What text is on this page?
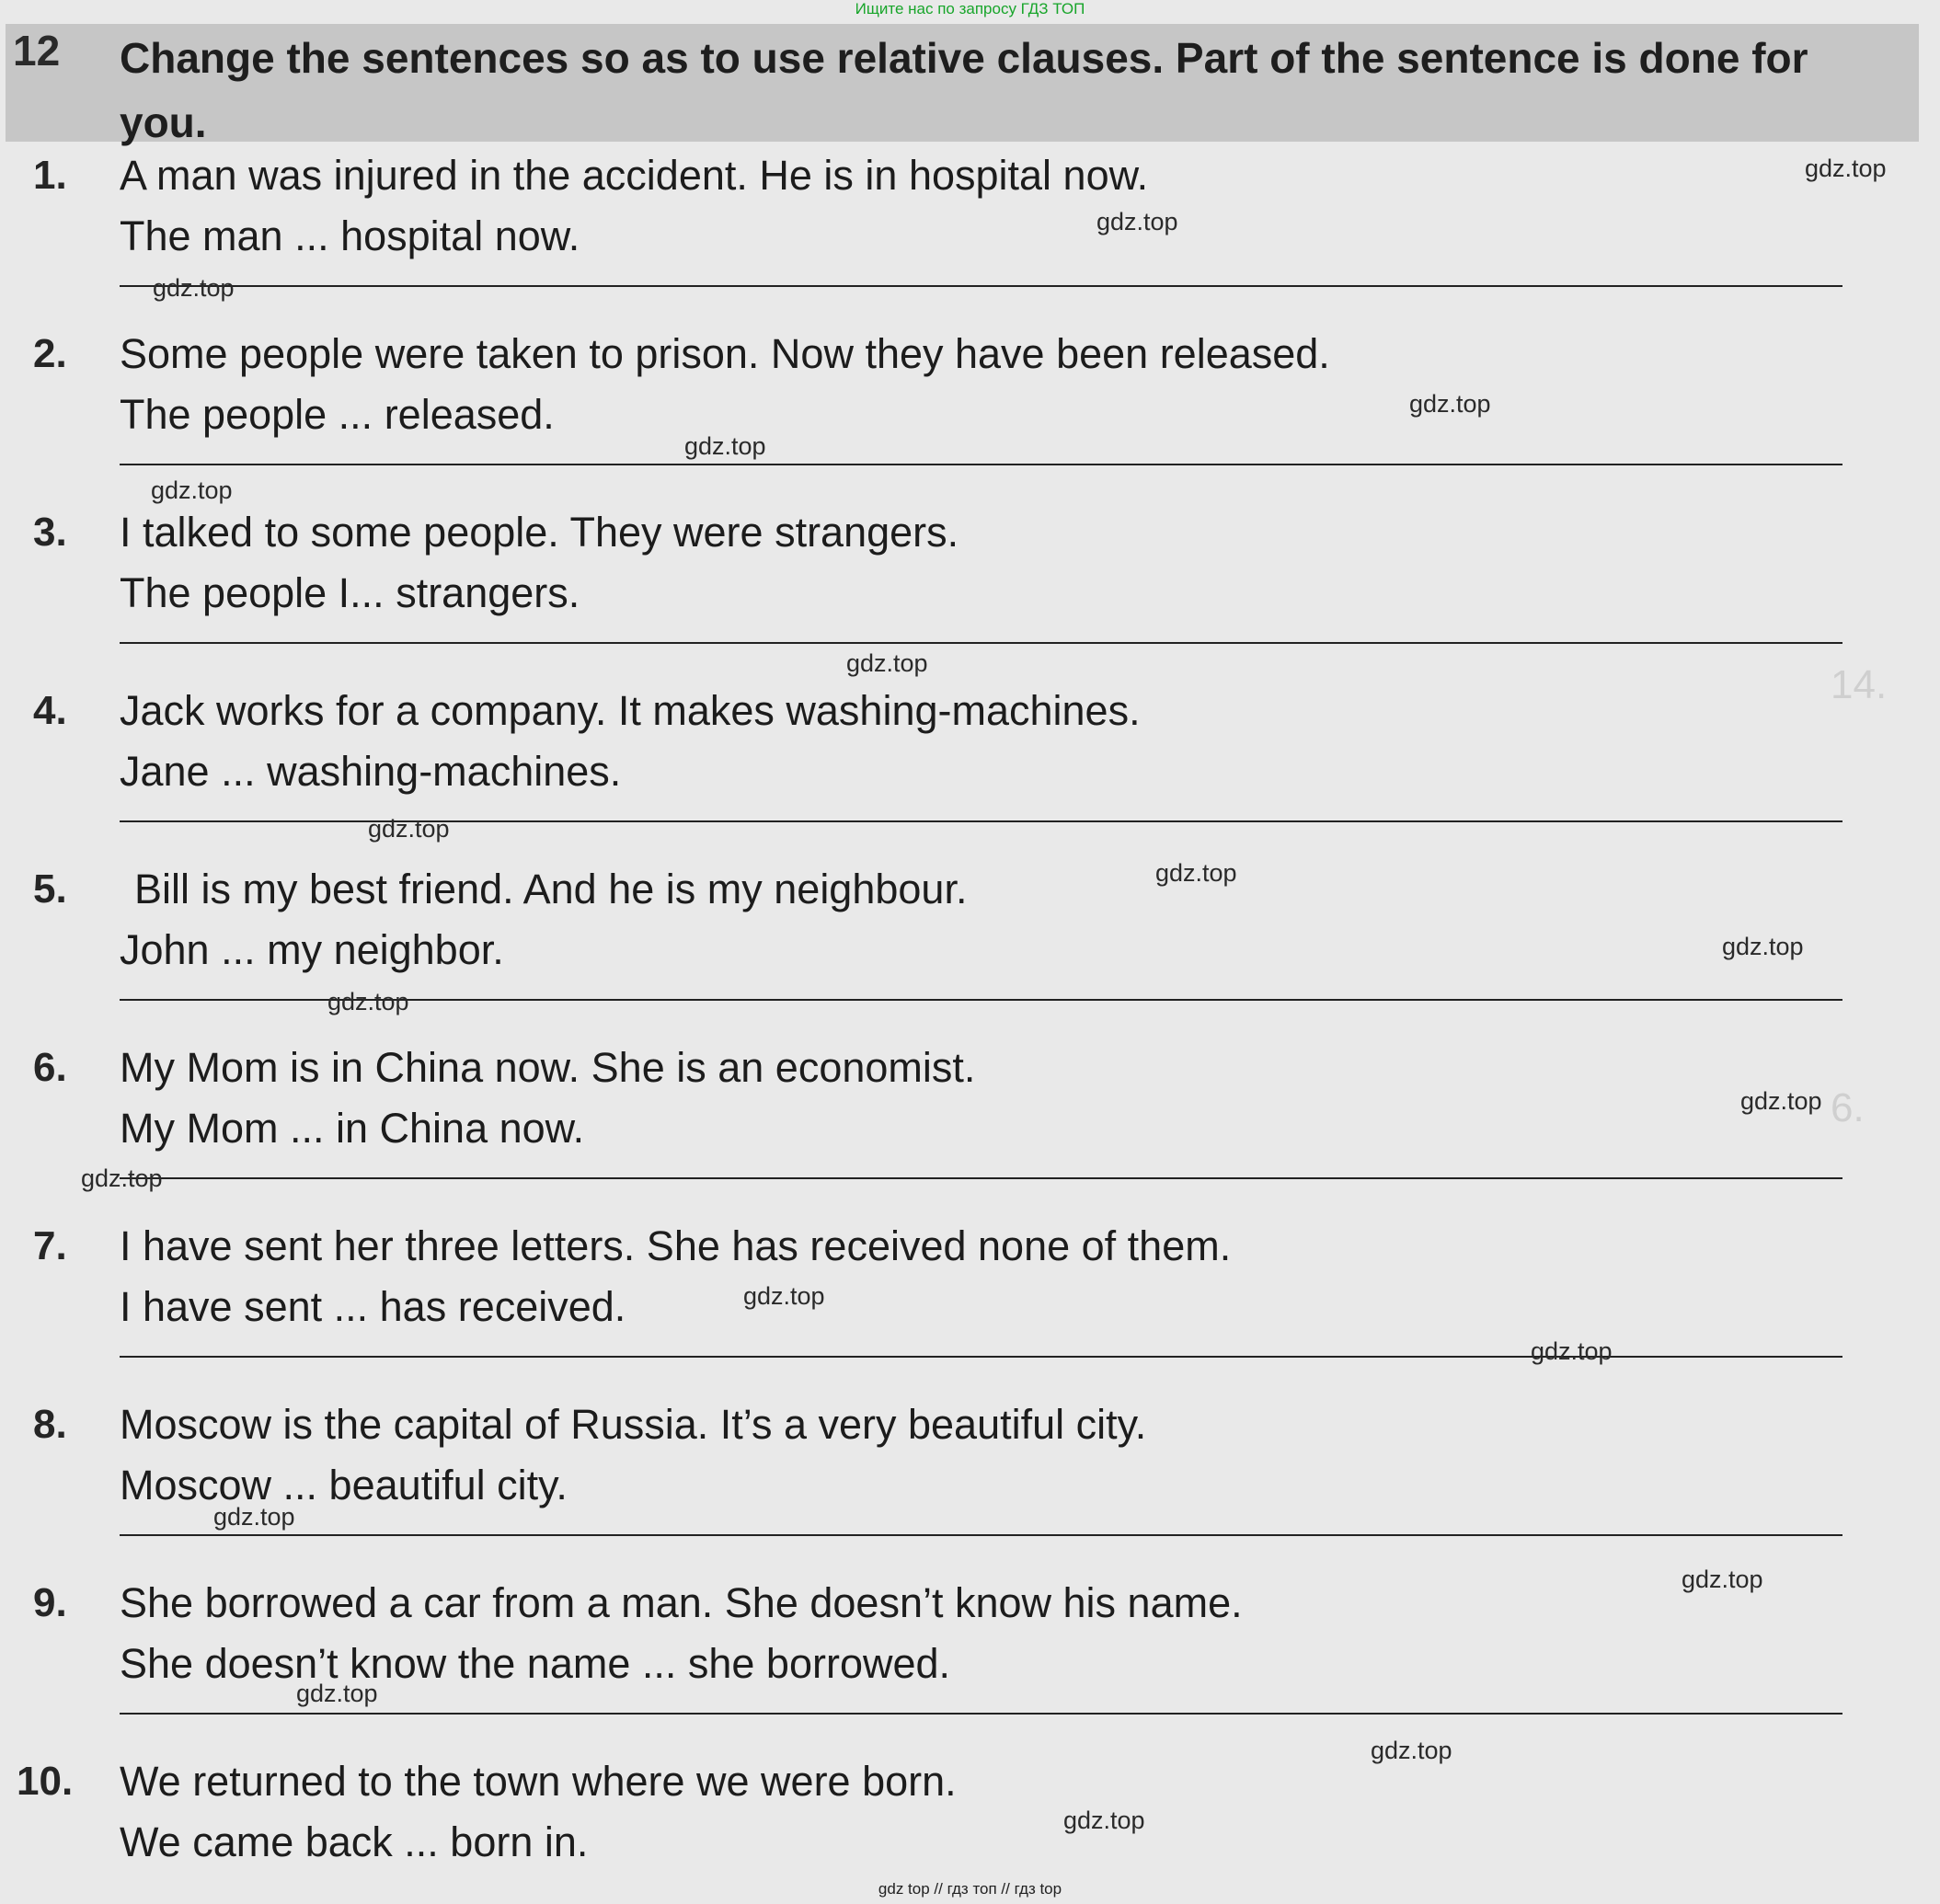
Ищите нас по запросу ГДЗ ТОП
14.
6.
12 Change the sentences so as to use relative clauses. Part of the sentence is done for you.
1. A man was injured in the accident. He is in hospital now.
The man ... hospital now.
2. Some people were taken to prison. Now they have been released.
The people ... released.
3. I talked to some people. They were strangers.
The people I... strangers.
4. Jack works for a company. It makes washing-machines.
Jane ... washing-machines.
5. Bill is my best friend. And he is my neighbour.
John ... my neighbor.
6. My Mom is in China now. She is an economist.
My Mom ... in China now.
7. I have sent her three letters. She has received none of them.
I have sent ... has received.
8. Moscow is the capital of Russia. It’s a very beautiful city.
Moscow ... beautiful city.
9. She borrowed a car from a man. She doesn’t know his name.
She doesn’t know the name ... she borrowed.
10. We returned to the town where we were born.
We came back ... born in.
gdz.top
gdz.top
gdz.top
gdz.top
gdz.top
gdz.top
gdz.top
gdz.top
gdz.top
gdz.top
gdz.top
gdz.top
gdz.top
gdz.top
gdz.top
gdz.top
gdz.top
gdz.top
gdz.top
gdz.top
gdz top // гдз топ // гдз top
